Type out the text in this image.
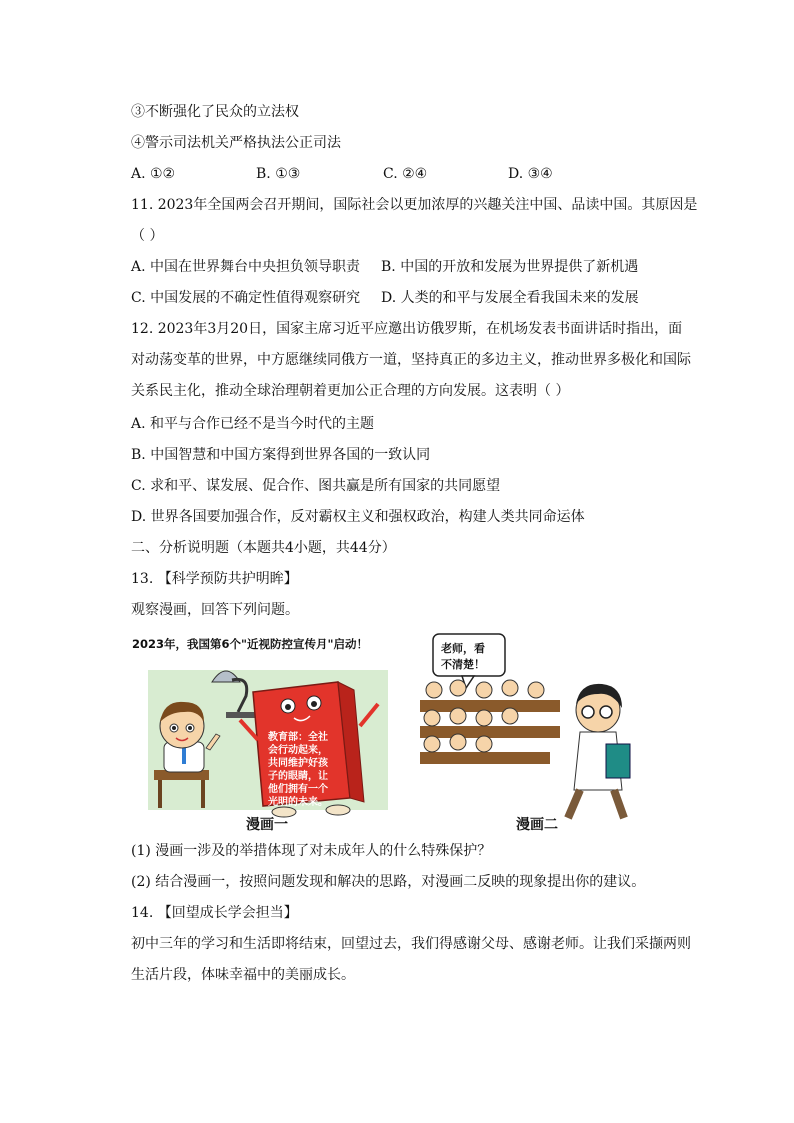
③不断强化了民众的立法权
④警示司法机关严格执法公正司法
A. ①②	B. ①③	C. ②④	D. ③④
11. 2023年全国两会召开期间，国际社会以更加浓厚的兴趣关注中国、品读中国。其原因是
（ ）
A. 中国在世界舞台中央担负领导职责 B. 中国的开放和发展为世界提供了新机遇
C. 中国发展的不确定性值得观察研究 D. 人类的和平与发展全看我国未来的发展
12. 2023年3月20日，国家主席习近平应邀出访俄罗斯，在机场发表书面讲话时指出，面
对动荡变革的世界，中方愿继续同俄方一道，坚持真正的多边主义，推动世界多极化和国际
关系民主化，推动全球治理朝着更加公正合理的方向发展。这表明（ ）
A. 和平与合作已经不是当今时代的主题
B. 中国智慧和中国方案得到世界各国的一致认同
C. 求和平、谋发展、促合作、图共赢是所有国家的共同愿望
D. 世界各国要加强合作，反对霸权主义和强权政治，构建人类共同命运体
二、分析说明题（本题共4小题，共44分）
13. 【科学预防共护明眸】
观察漫画，回答下列问题。
2023年，我国第6个"近视防控宣传月"启动！
教育部：全社
会行动起来，
共同维护好孩
子的眼睛，让
他们拥有一个
光明的未来。
老师，看
不清楚！
漫画一	漫画二
(1) 漫画一涉及的举措体现了对未成年人的什么特殊保护？
(2) 结合漫画一，按照问题发现和解决的思路，对漫画二反映的现象提出你的建议。
14. 【回望成长学会担当】
初中三年的学习和生活即将结束，回望过去，我们得感谢父母、感谢老师。让我们采撷两则
生活片段，体味幸福中的美丽成长。
